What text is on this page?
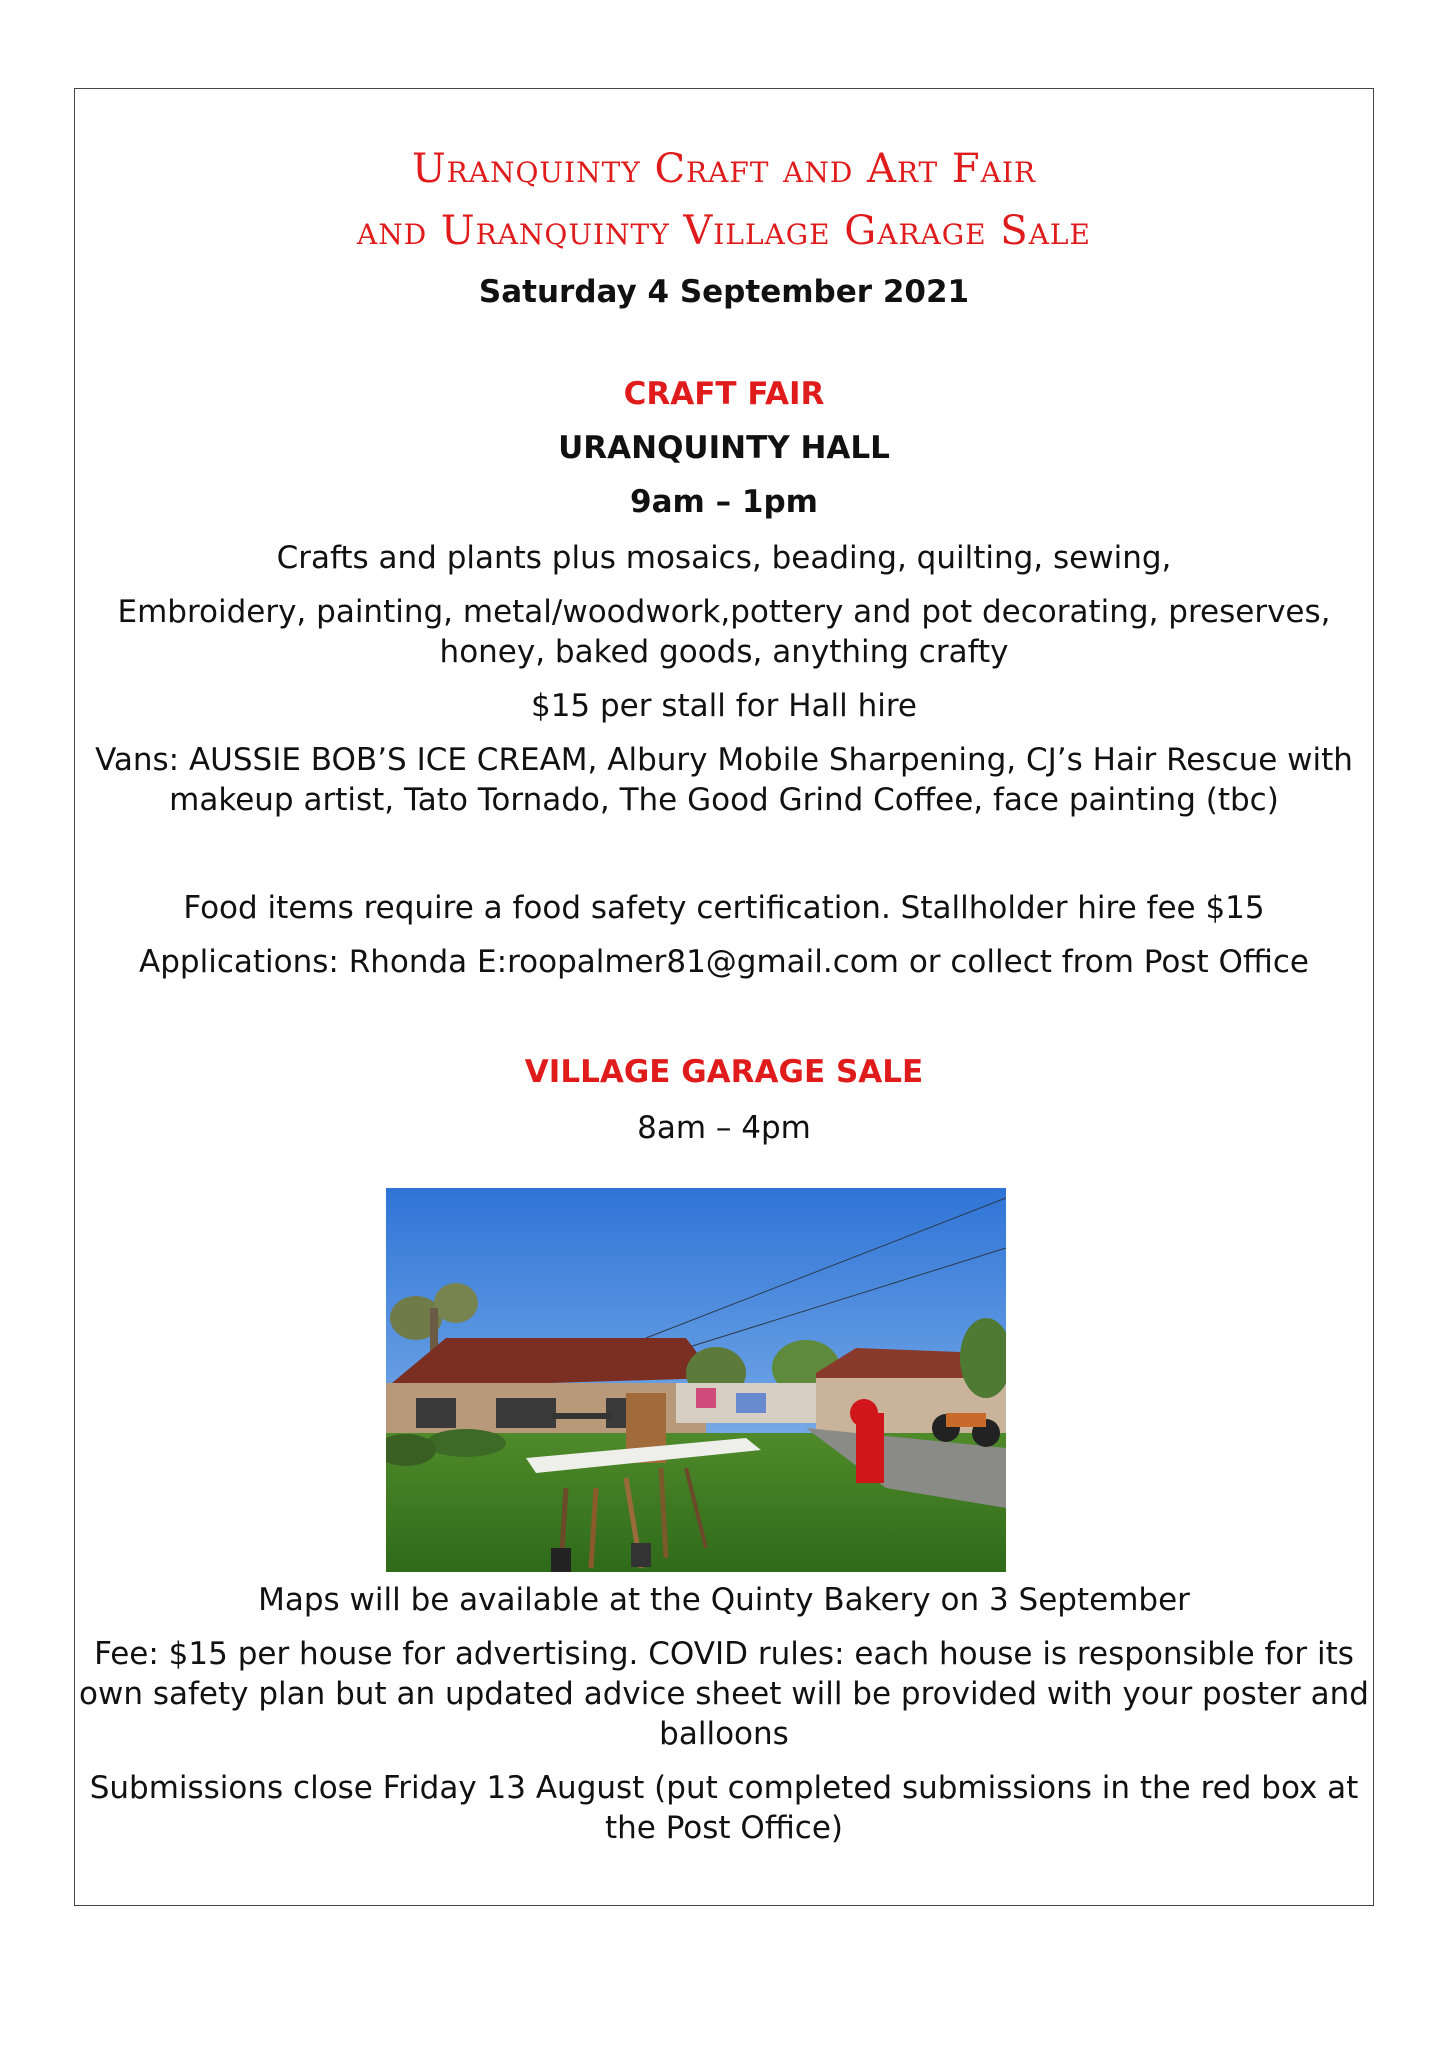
Uranquinty Craft and Art Fair

and Uranquinty Village Garage Sale

Saturday 4 September 2021

CRAFT FAIR

URANQUINTY HALL

9am – 1pm

Crafts and plants plus mosaics, beading, quilting, sewing,

Embroidery, painting, metal/woodwork,pottery and pot decorating, preserves,

honey, baked goods, anything crafty

$15 per stall for Hall hire

Vans: AUSSIE BOB’S ICE CREAM, Albury Mobile Sharpening, CJ’s Hair Rescue with

makeup artist, Tato Tornado, The Good Grind Coffee, face painting (tbc)

Food items require a food safety certification. Stallholder hire fee $15

Applications: Rhonda E:roopalmer81@gmail.com or collect from Post Office

VILLAGE GARAGE SALE

8am – 4pm

Maps will be available at the Quinty Bakery on 3 September

Fee: $15 per house for advertising. COVID rules: each house is responsible for its

own safety plan but an updated advice sheet will be provided with your poster and

balloons

Submissions close Friday 13 August (put completed submissions in the red box at

the Post Office)
